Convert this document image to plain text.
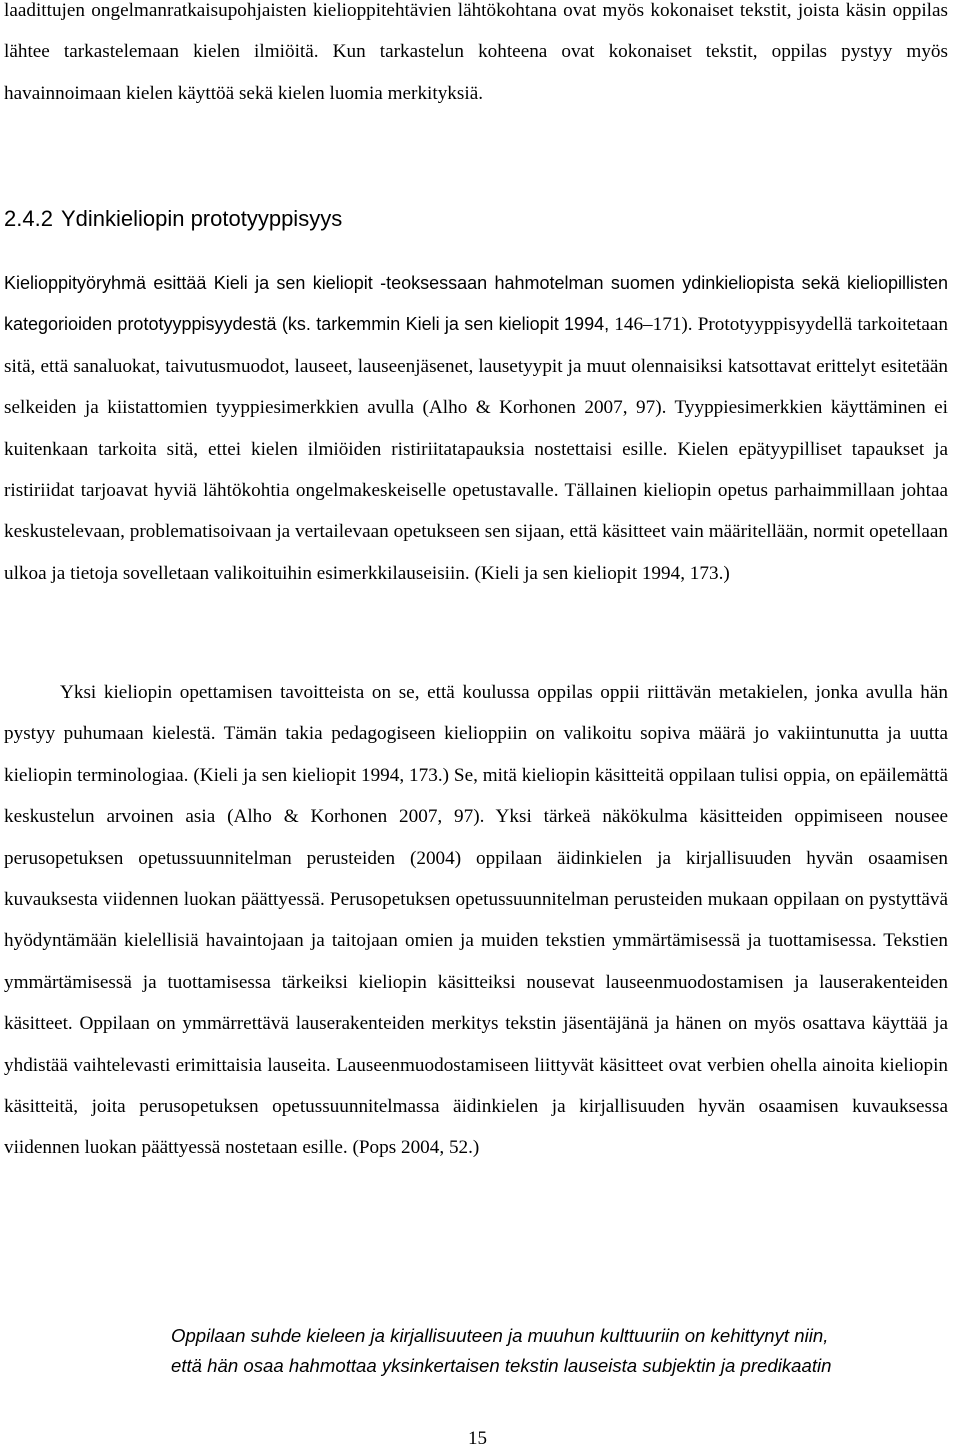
laadittujen ongelmanratkaisupohjaisten kielioppitehtävien lähtökohtana ovat myös kokonaiset tekstit, joista käsin oppilas lähtee tarkastelemaan kielen ilmiöitä. Kun tarkastelun kohteena ovat kokonaiset tekstit, oppilas pystyy myös havainnoimaan kielen käyttöä sekä kielen luomia merkityksiä.

2.4.2 Ydinkieliopin prototyyppisyys

Kielioppityöryhmä esittää Kieli ja sen kieliopit -teoksessaan hahmotelman suomen ydinkieliopista sekä kieliopillisten kategorioiden prototyyppisyydestä (ks. tarkemmin Kieli ja sen kieliopit 1994, 146–171). Prototyyppisyydellä tarkoitetaan sitä, että sanaluokat, taivutusmuodot, lauseet, lauseenjäsenet, lausetyypit ja muut olennaisiksi katsottavat erittelyt esitetään selkeiden ja kiistattomien tyyppiesimerkkien avulla (Alho & Korhonen 2007, 97). Tyyppiesimerkkien käyttäminen ei kuitenkaan tarkoita sitä, ettei kielen ilmiöiden ristiriitatapauksia nostettaisi esille. Kielen epätyypilliset tapaukset ja ristiriidat tarjoavat hyviä lähtökohtia ongelmakeskeiselle opetustavalle. Tällainen kieliopin opetus parhaimmillaan johtaa keskustelevaan, problematisoivaan ja vertailevaan opetukseen sen sijaan, että käsitteet vain määritellään, normit opetellaan ulkoa ja tietoja sovelletaan valikoituihin esimerkkilauseisiin. (Kieli ja sen kieliopit 1994, 173.)

Yksi kieliopin opettamisen tavoitteista on se, että koulussa oppilas oppii riittävän metakielen, jonka avulla hän pystyy puhumaan kielestä. Tämän takia pedagogiseen kielioppiin on valikoitu sopiva määrä jo vakiintunutta ja uutta kieliopin terminologiaa. (Kieli ja sen kieliopit 1994, 173.) Se, mitä kieliopin käsitteitä oppilaan tulisi oppia, on epäilemättä keskustelun arvoinen asia (Alho & Korhonen 2007, 97). Yksi tärkeä näkökulma käsitteiden oppimiseen nousee perusopetuksen opetussuunnitelman perusteiden (2004) oppilaan äidinkielen ja kirjallisuuden hyvän osaamisen kuvauksesta viidennen luokan päättyessä. Perusopetuksen opetussuunnitelman perusteiden mukaan oppilaan on pystyttävä hyödyntämään kielellisiä havaintojaan ja taitojaan omien ja muiden tekstien ymmärtämisessä ja tuottamisessa. Tekstien ymmärtämisessä ja tuottamisessa tärkeiksi kieliopin käsitteiksi nousevat lauseenmuodostamisen ja lauserakenteiden käsitteet. Oppilaan on ymmärrettävä lauserakenteiden merkitys tekstin jäsentäjänä ja hänen on myös osattava käyttää ja yhdistää vaihtelevasti erimittaisia lauseita. Lauseenmuodostamiseen liittyvät käsitteet ovat verbien ohella ainoita kieliopin käsitteitä, joita perusopetuksen opetussuunnitelmassa äidinkielen ja kirjallisuuden hyvän osaamisen kuvauksessa viidennen luokan päättyessä nostetaan esille. (Pops 2004, 52.)

Oppilaan suhde kieleen ja kirjallisuuteen ja muuhun kulttuuriin on kehittynyt niin,
että hän osaa hahmottaa yksinkertaisen tekstin lauseista subjektin ja predikaatin
15
